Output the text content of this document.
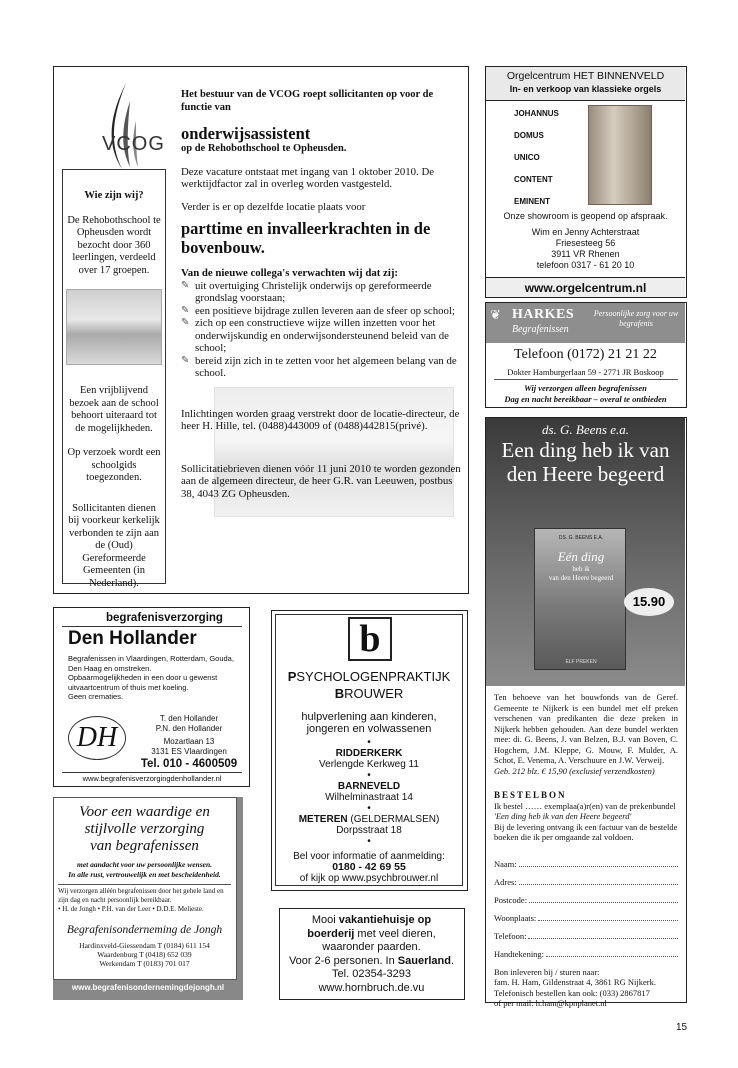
VCOG

Wie zijn wij?

De Rehobothschool te Opheusden wordt bezocht door 360 leerlingen, verdeeld over 17 groepen.

Een vrijblijvend bezoek aan de school behoort uiteraard tot de mogelijkheden.

Op verzoek wordt een schoolgids toegezonden.

Sollicitanten dienen bij voorkeur kerkelijk verbonden te zijn aan de (Oud) Gereformeerde Gemeenten (in Nederland).

Het bestuur van de VCOG roept sollicitanten op voor de functie van

onderwijsassistent

op de Rehobothschool te Opheusden.

Deze vacature ontstaat met ingang van 1 oktober 2010. De werktijdfactor zal in overleg worden vastgesteld.

Verder is er op dezelfde locatie plaats voor

parttime en invalleerkrachten in de bovenbouw.

Van de nieuwe collega's verwachten wij dat zij:

✎ uit overtuiging Christelijk onderwijs op gereformeerde grondslag voorstaan;

✎ een positieve bijdrage zullen leveren aan de sfeer op school;

✎ zich op een constructieve wijze willen inzetten voor het onderwijskundig en onderwijsondersteunend beleid van de school;

✎ bereid zijn zich in te zetten voor het algemeen belang van de school.

Inlichtingen worden graag verstrekt door de locatie-directeur, de heer H. Hille, tel. (0488)443009 of (0488)442815(privé).

Sollicitatiebrieven dienen vóór 11 juni 2010 te worden gezonden aan de algemeen directeur, de heer G.R. van Leeuwen, postbus 38, 4043 ZG Opheusden.

Orgelcentrum HET BINNENVELD
In- en verkoop van klassieke orgels
JOHANNUS
DOMUS
UNICO
CONTENT
EMINENT
Onze showroom is geopend op afspraak.
Wim en Jenny Achterstraat
Friesesteeg 56
3911 VR Rhenen
telefoon 0317 - 61 20 10
www.orgelcentrum.nl
❦ HARKES
Begrafenissen
Persoonlijke zorg voor uw begrafenis
Telefoon (0172) 21 21 22
Dokter Hamburgerlaan 59 - 2771 JR Boskoop
Wij verzorgen alleen begrafenissen
Dag en nacht bereikbaar – overal te ontbieden
ds. G. Beens e.a.
Een ding heb ik van den Heere begeerd
DS. G. BEENS E.A.
Eén ding
heb ik
van den Heere begeerd
ELF PREKEN
15.90

Ten behoeve van het bouwfonds van de Geref. Gemeente te Nijkerk is een bundel met elf preken verschenen van predikanten die deze preken in Nijkerk hebben gehouden. Aan deze bundel werkten mee: di. G. Beens, J. van Belzen, B.J. van Boven, C. Hogchem, J.M. Kleppe, G. Mouw, F. Mulder, A. Schot, E. Venema, A. Verschuure en J.W. Verweij.

Geb. 212 blz. € 15,90 (exclusief verzendkosten)

BESTELBON

Ik bestel …… exemplaa(a)r(en) van de prekenbundel

'Een ding heb ik van den Heere begeerd'

Bij de levering ontvang ik een factuur van de bestelde boeken die ik per omgaande zal voldoen.

Naam:
Adres:
Postcode:
Woonplaats:
Telefoon:
Handtekening:

Bon inleveren bij / sturen naar:

fam. H. Ham, Gildenstraat 4, 3861 RG Nijkerk.

Telefonisch bestellen kan ook: (033) 2867817

of per mail: h.ham@kpnplanet.nl

begrafenisverzorging
Den Hollander

Begrafenissen in Vlaardingen, Rotterdam, Gouda, Den Haag en omstreken.

Opbaarmogelijkheden in een door u gewenst uitvaartcentrum of thuis met koeling.

Geen crematies.

DH

T. den Hollander

P.N. den Hollander

Mozartlaan 13

3131 ES Vlaardingen

Tel. 010 - 4600509
www.begrafenisverzorgingdenhollander.nl

Voor een waardige en

stijlvolle verzorging

van begrafenissen

met aandacht voor uw persoonlijke wensen.

In alle rust, vertrouwelijk en met bescheidenheid.

Wij verzorgen alléén begrafenissen door het gehele land en zijn dag en nacht persoonlijk bereikbaar.

• H. de Jongh • P.H. van der Leer • D.D.E. Melieste.

Begrafenisonderneming de Jongh

Hardinxveld-Giessendam T (0184) 611 154

Waardenburg T (0418) 652 039

Werkendam T (0183) 701 017

www.begrafenisondernemingdejongh.nl
b
PSYCHOLOGENPRAKTIJK
BROUWER
hulpverlening aan kinderen, jongeren en volwassenen

•

RIDDERKERK

Verlengde Kerkweg 11

•

BARNEVELD

Wilhelminastraat 14

•

METEREN (GELDERMALSEN)

Dorpsstraat 18

•

Bel voor informatie of aanmelding:

0180 - 42 69 55

of kijk op www.psychbrouwer.nl

Mooi vakantiehuisje op

boerderij met veel dieren,

waaronder paarden.

Voor 2-6 personen. In Sauerland.

Tel. 02354-3293

www.hornbruch.de.vu

15
